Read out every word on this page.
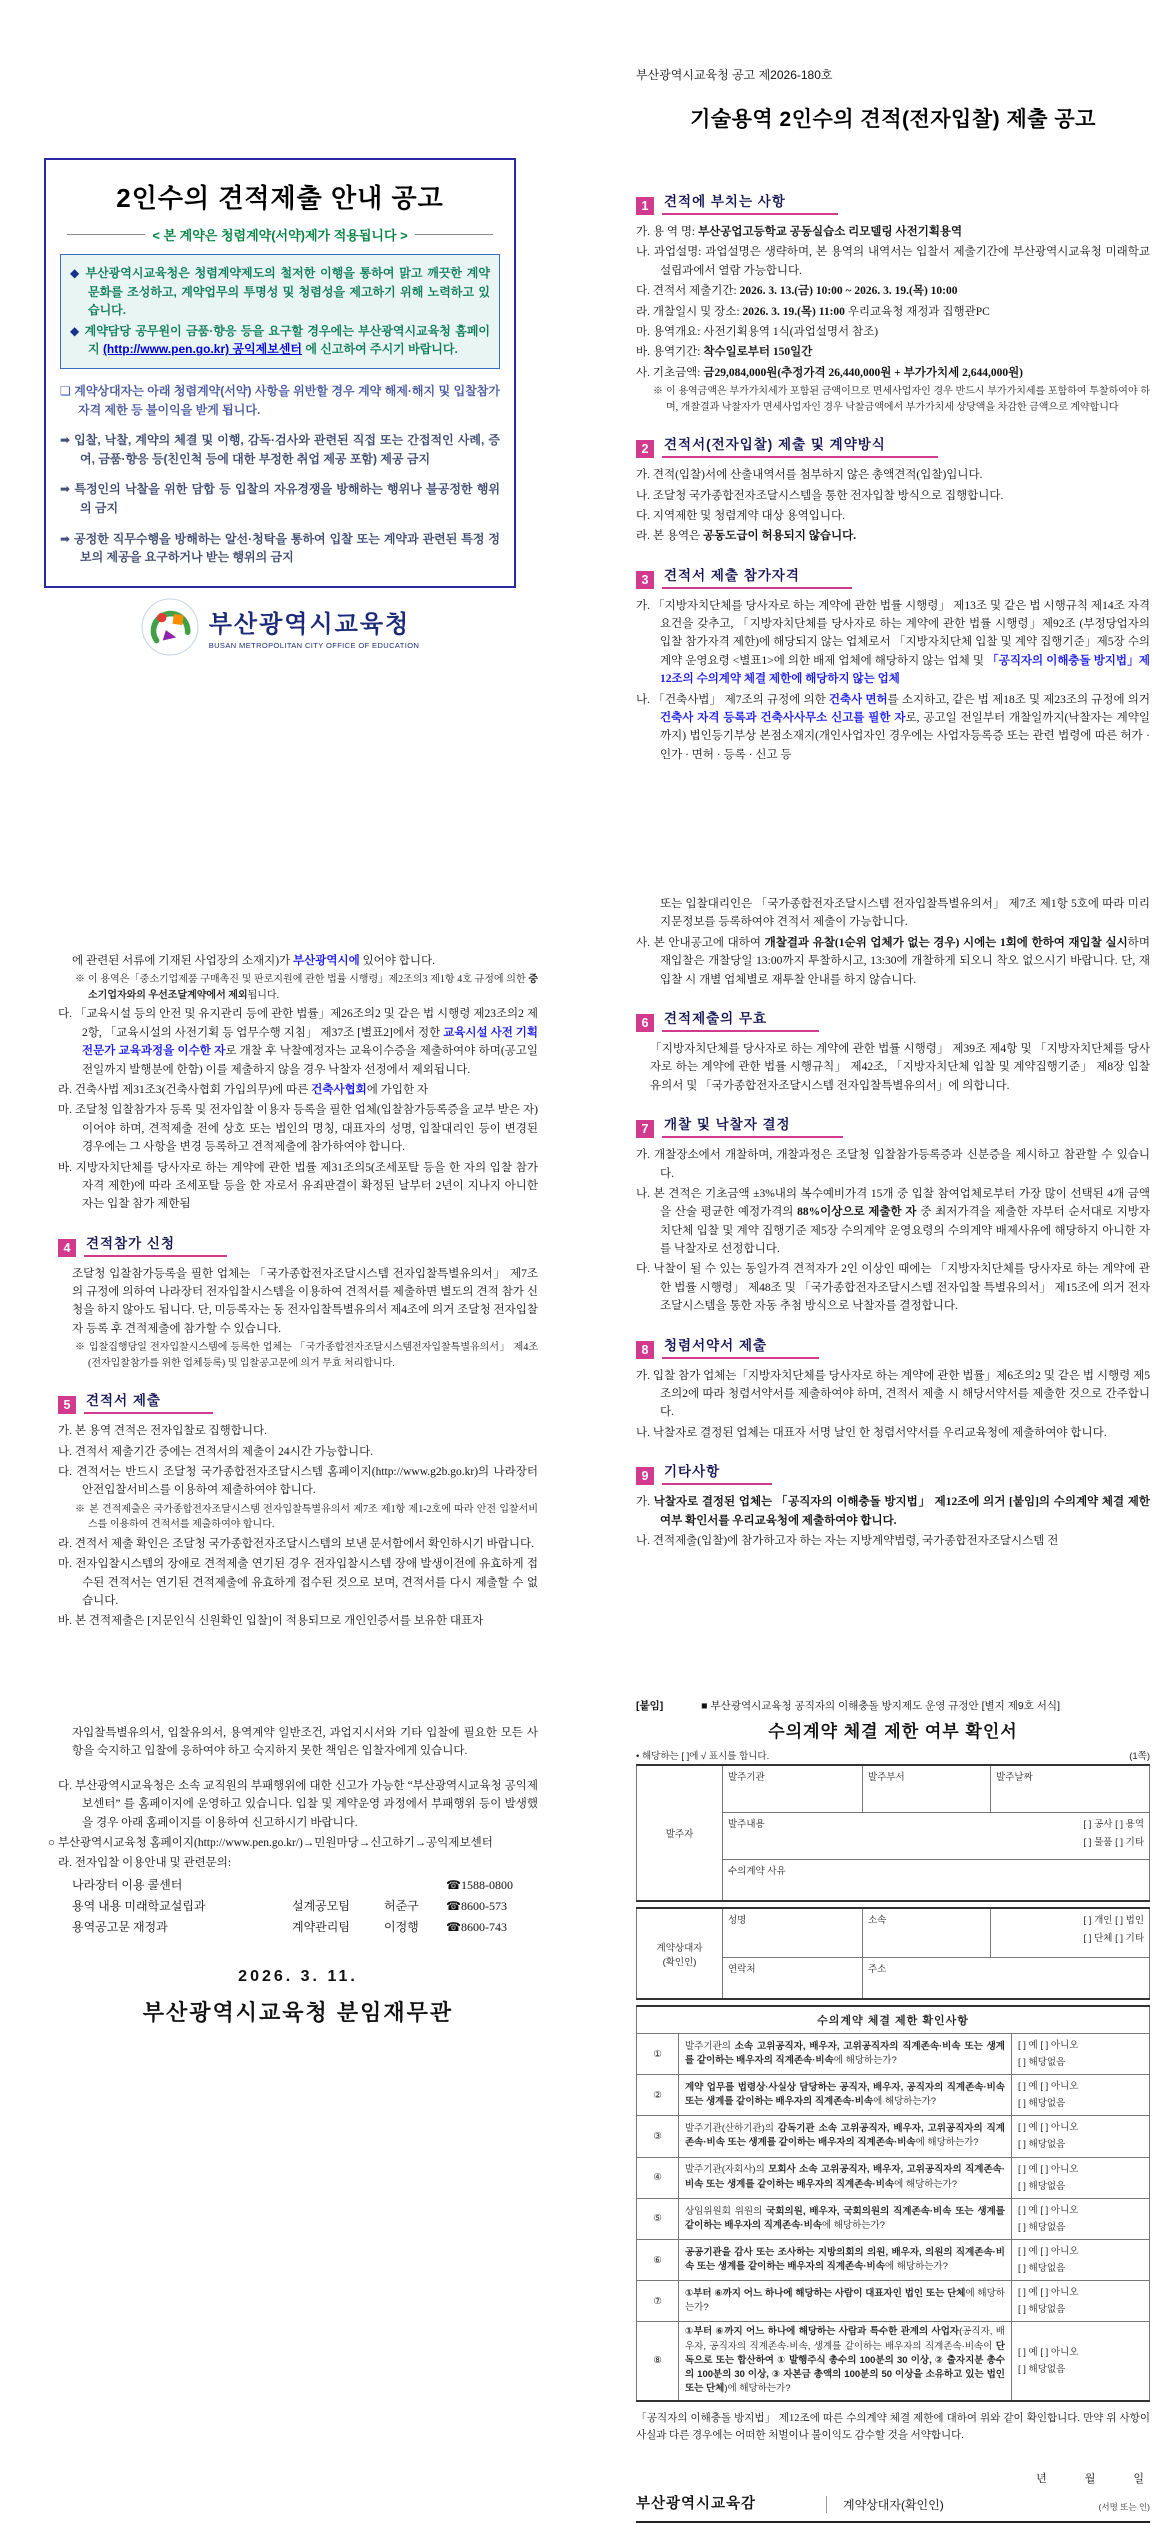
2인수의 견적제출 안내 공고
< 본 계약은 청렴계약(서약)제가 적용됩니다 >

◆ 부산광역시교육청은 청렴계약제도의 철저한 이행을 통하여 맑고 깨끗한 계약 문화를 조성하고, 계약업무의 투명성 및 청렴성을 제고하기 위해 노력하고 있습니다.

◆ 계약담당 공무원이 금품·향응 등을 요구할 경우에는 부산광역시교육청 홈페이지 (http://www.pen.go.kr) 공익제보센터 에 신고하여 주시기 바랍니다.

❏ 계약상대자는 아래 청렴계약(서약) 사항을 위반할 경우 계약 해제·해지 및 입찰참가자격 제한 등 불이익을 받게 됩니다.

➡ 입찰, 낙찰, 계약의 체결 및 이행, 감독·검사와 관련된 직접 또는 간접적인 사례, 증여, 금품·향응 등(친인척 등에 대한 부정한 취업 제공 포함) 제공 금지

➡ 특정인의 낙찰을 위한 담합 등 입찰의 자유경쟁을 방해하는 행위나 불공정한 행위의 금지

➡ 공정한 직무수행을 방해하는 알선·청탁을 통하여 입찰 또는 계약과 관련된 특정 정보의 제공을 요구하거나 받는 행위의 금지

부산광역시교육청
BUSAN METROPOLITAN CITY OFFICE OF EDUCATION

에 관련된 서류에 기재된 사업장의 소재지)가 부산광역시에 있어야 합니다.

※ 이 용역은「중소기업제품 구매촉진 및 판로지원에 관한 법률 시행령」제2조의3 제1항 4호 규정에 의한 중소기업자와의 우선조달계약에서 제외됩니다.

다. 「교육시설 등의 안전 및 유지관리 등에 관한 법률」제26조의2 및 같은 법 시행령 제23조의2 제2항, 「교육시설의 사전기획 등 업무수행 지침」 제37조 [별표2]에서 정한 교육시설 사전 기획 전문가 교육과정을 이수한 자로 개찰 후 낙찰예정자는 교육이수증을 제출하여야 하며(공고일 전일까지 발행분에 한함) 이를 제출하지 않을 경우 낙찰자 선정에서 제외됩니다.

라. 건축사법 제31조3(건축사협회 가입의무)에 따른 건축사협회에 가입한 자

마. 조달청 입찰참가자 등록 및 전자입찰 이용자 등록을 필한 업체(입찰참가등록증을 교부 받은 자)이어야 하며, 견적제출 전에 상호 또는 법인의 명칭, 대표자의 성명, 입찰대리인 등이 변경된 경우에는 그 사항을 변경 등록하고 견적제출에 참가하여야 합니다.

바. 지방자치단체를 당사자로 하는 계약에 관한 법률 제31조의5(조세포탈 등을 한 자의 입찰 참가자격 제한)에 따라 조세포탈 등을 한 자로서 유죄판결이 확정된 날부터 2년이 지나지 아니한 자는 입찰 참가 제한됨

4	견적참가 신청

조달청 입찰참가등록을 필한 업체는 「국가종합전자조달시스템 전자입찰특별유의서」 제7조의 규정에 의하여 나라장터 전자입찰시스템을 이용하여 견적서를 제출하면 별도의 견적 참가 신청을 하지 않아도 됩니다. 단, 미등록자는 동 전자입찰특별유의서 제4조에 의거 조달청 전자입찰자 등록 후 견적제출에 참가할 수 있습니다.

※ 입찰집행당일 전자입찰시스템에 등록한 업체는 「국가종합전자조달시스템전자입찰특별유의서」 제4조 (전자입찰참가를 위한 업체등록) 및 입찰공고문에 의거 무효 처리합니다.

5	견적서 제출

가. 본 용역 견적은 전자입찰로 집행합니다.

나. 견적서 제출기간 중에는 견적서의 제출이 24시간 가능합니다.

다. 견적서는 반드시 조달청 국가종합전자조달시스템 홈페이지(http://www.g2b.go.kr)의 나라장터 안전입찰서비스를 이용하여 제출하여야 합니다.

※ 본 견적제출은 국가종합전자조달시스템 전자입찰특별유의서 제7조 제1항 제1-2호에 따라 안전 입찰서비스를 이용하여 견적서를 제출하여야 합니다.

라. 견적서 제출 확인은 조달청 국가종합전자조달시스템의 보낸 문서함에서 확인하시기 바랍니다.

마. 전자입찰시스템의 장애로 견적제출 연기된 경우 전자입찰시스템 장애 발생이전에 유효하게 접수된 견적서는 연기된 견적제출에 유효하게 접수된 것으로 보며, 견적서를 다시 제출할 수 없습니다.

바. 본 견적제출은 [지문인식 신원확인 입찰]이 적용되므로 개인인증서를 보유한 대표자

자입찰특별유의서, 입찰유의서, 용역계약 일반조건, 과업지시서와 기타 입찰에 필요한 모든 사항을 숙지하고 입찰에 응하여야 하고 숙지하지 못한 책임은 입찰자에게 있습니다.

다. 부산광역시교육청은 소속 교직원의 부패행위에 대한 신고가 가능한 “부산광역시교육청 공익제보센터” 를 홈페이지에 운영하고 있습니다. 입찰 및 계약운영 과정에서 부패행위 등이 발생했을 경우 아래 홈페이지를 이용하여 신고하시기 바랍니다.

○ 부산광역시교육청 홈페이지(http://www.pen.go.kr/)→민원마당→신고하기→공익제보센터

라. 전자입찰 이용안내 및 관련문의:

나라장터 이용 콜센터	☎1588-0800
용역 내용 미래학교설립과	설계공모팀	허준구	☎8600-573
용역공고문 재정과	계약관리팀	이정행	☎8600-743
2026. 3. 11.
부산광역시교육청 분임재무관
부산광역시교육청 공고 제2026-180호
기술용역 2인수의 견적(전자입찰) 제출 공고
1	견적에 부치는 사항

가. 용 역 명: 부산공업고등학교 공동실습소 리모델링 사전기획용역

나. 과업설명: 과업설명은 생략하며, 본 용역의 내역서는 입찰서 제출기간에 부산광역시교육청 미래학교설립과에서 열람 가능합니다.

다. 견적서 제출기간: 2026. 3. 13.(금) 10:00 ~ 2026. 3. 19.(목) 10:00

라. 개찰일시 및 장소: 2026. 3. 19.(목) 11:00 우리교육청 재정과 집행관PC

마. 용역개요: 사전기획용역 1식(과업설명서 참조)

바. 용역기간: 착수일로부터 150일간

사. 기초금액: 금29,084,000원(추정가격 26,440,000원 + 부가가치세 2,644,000원)

※ 이 용역금액은 부가가치세가 포함된 금액이므로 면세사업자인 경우 반드시 부가가치세를 포함하여 투찰하여야 하며, 개찰결과 낙찰자가 면세사업자인 경우 낙찰금액에서 부가가치세 상당액을 차감한 금액으로 계약합니다

2	견적서(전자입찰) 제출 및 계약방식

가. 견적(입찰)서에 산출내역서를 첨부하지 않은 총액견적(입찰)입니다.

나. 조달청 국가종합전자조달시스템을 통한 전자입찰 방식으로 집행합니다.

다. 지역제한 및 청렴계약 대상 용역입니다.

라. 본 용역은 공동도급이 허용되지 않습니다.

3	견적서 제출 참가자격

가. 「지방자치단체를 당사자로 하는 계약에 관한 법률 시행령」 제13조 및 같은 법 시행규칙 제14조 자격요건을 갖추고, 「지방자치단체를 당사자로 하는 계약에 관한 법률 시행령」제92조 (부정당업자의 입찰 참가자격 제한)에 해당되지 않는 업체로서 「지방자치단체 입찰 및 계약 집행기준」제5장 수의계약 운영요령 <별표1>에 의한 배제 업체에 해당하지 않는 업체 및 「공직자의 이해충돌 방지법」제12조의 수의계약 체결 제한에 해당하지 않는 업체

나. 「건축사법」 제7조의 규정에 의한 건축사 면허를 소지하고, 같은 법 제18조 및 제23조의 규정에 의거 건축사 자격 등록과 건축사사무소 신고를 필한 자로, 공고일 전일부터 개찰일까지(낙찰자는 계약일까지) 법인등기부상 본점소재지(개인사업자인 경우에는 사업자등록증 또는 관련 법령에 따른 허가 · 인가 · 면허 · 등록 · 신고 등

또는 입찰대리인은 「국가종합전자조달시스템 전자입찰특별유의서」 제7조 제1항 5호에 따라 미리 지문정보를 등록하여야 견적서 제출이 가능합니다.

사. 본 안내공고에 대하여 개찰결과 유찰(1순위 업체가 없는 경우) 시에는 1회에 한하여 재입찰 실시하며 재입찰은 개찰당일 13:00까지 투찰하시고, 13:30에 개찰하게 되오니 착오 없으시기 바랍니다. 단, 재입찰 시 개별 업체별로 재투찰 안내를 하지 않습니다.

6	견적제출의 무효

「지방자치단체를 당사자로 하는 계약에 관한 법률 시행령」 제39조 제4항 및 「지방자치단체를 당사자로 하는 계약에 관한 법률 시행규칙」 제42조, 「지방자치단체 입찰 및 계약집행기준」 제8장 입찰 유의서 및 「국가종합전자조달시스템 전자입찰특별유의서」에 의합니다.

7	개찰 및 낙찰자 결정

가. 개찰장소에서 개찰하며, 개찰과정은 조달청 입찰참가등록증과 신분증을 제시하고 참관할 수 있습니다.

나. 본 견적은 기초금액 ±3%내의 복수예비가격 15개 중 입찰 참여업체로부터 가장 많이 선택된 4개 금액을 산술 평균한 예정가격의 88%이상으로 제출한 자 중 최저가격을 제출한 자부터 순서대로 지방자치단체 입찰 및 계약 집행기준 제5장 수의계약 운영요령의 수의계약 배제사유에 해당하지 아니한 자를 낙찰자로 선정합니다.

다. 낙찰이 될 수 있는 동일가격 견적자가 2인 이상인 때에는 「지방자치단체를 당사자로 하는 계약에 관한 법률 시행령」 제48조 및 「국가종합전자조달시스템 전자입찰 특별유의서」 제15조에 의거 전자조달시스템을 통한 자동 추첨 방식으로 낙찰자를 결정합니다.

8	청렴서약서 제출

가. 입찰 참가 업체는「지방자치단체를 당사자로 하는 계약에 관한 법률」제6조의2 및 같은 법 시행령 제5조의2에 따라 청렴서약서를 제출하여야 하며, 견적서 제출 시 해당서약서를 제출한 것으로 간주합니다.

나. 낙찰자로 결정된 업체는 대표자 서명 날인 한 청렴서약서를 우리교육청에 제출하여야 합니다.

9	기타사항

가. 낙찰자로 결정된 업체는 「공직자의 이해충돌 방지법」 제12조에 의거 [붙임]의 수의계약 체결 제한 여부 확인서를 우리교육청에 제출하여야 합니다.

나. 견적제출(입찰)에 참가하고자 하는 자는 지방계약법령, 국가종합전자조달시스템 전

[붙임]	■ 부산광역시교육청 공직자의 이해충돌 방지제도 운영 규정안 [별지 제9호 서식]
수의계약 체결 제한 여부 확인서
• 해당하는 [ ]에 √ 표시를 합니다.	(1쪽)
발주자	발주기관	발주부서	발주날짜
	발주내용		[ ] 공사 [ ] 용역
[ ] 물품 [ ] 기타

	수의계약 사유		
계약상대자
(확인인)
	성명	소속	[ ] 개인 [ ] 법인
[ ] 단체 [ ] 기타

	연락처	주소	
수의계약 체결 제한 확인사항		
①	발주기관의 소속 고위공직자, 배우자, 고위공직자의 직계존속·비속 또는 생계를 같이하는 배우자의 직계존속·비속에 해당하는가?	[ ] 예 [ ] 아니오
[ ] 해당없음

②	계약 업무를 법령상·사실상 담당하는 공직자, 배우자, 공직자의 직계존속·비속 또는 생계를 같이하는 배우자의 직계존속·비속에 해당하는가?	[ ] 예 [ ] 아니오
[ ] 해당없음

③	발주기관(산하기관)의 감독기관 소속 고위공직자, 배우자, 고위공직자의 직계존속·비속 또는 생계를 같이하는 배우자의 직계존속·비속에 해당하는가?	[ ] 예 [ ] 아니오
[ ] 해당없음

④	발주기관(자회사)의 모회사 소속 고위공직자, 배우자, 고위공직자의 직계존속·비속 또는 생계를 같이하는 배우자의 직계존속·비속에 해당하는가?	[ ] 예 [ ] 아니오
[ ] 해당없음

⑤	상임위원회 위원의 국회의원, 배우자, 국회의원의 직계존속·비속 또는 생계를 같이하는 배우자의 직계존속·비속에 해당하는가?	[ ] 예 [ ] 아니오
[ ] 해당없음

⑥	공공기관을 감사 또는 조사하는 지방의회의 의원, 배우자, 의원의 직계존속·비속 또는 생계를 같이하는 배우자의 직계존속·비속에 해당하는가?	[ ] 예 [ ] 아니오
[ ] 해당없음

⑦	①부터 ⑥까지 어느 하나에 해당하는 사람이 대표자인 법인 또는 단체에 해당하는가?	[ ] 예 [ ] 아니오
[ ] 해당없음

⑧	①부터 ⑥까지 어느 하나에 해당하는 사람과 특수한 관계의 사업자(공직자, 배우자, 공직자의 직계존속·비속, 생계를 같이하는 배우자의 직계존속·비속이 단독으로 또는 합산하여 ① 발행주식 총수의 100분의 30 이상, ② 출자지분 총수의 100분의 30 이상, ③ 자본금 총액의 100분의 50 이상을 소유하고 있는 법인 또는 단체)에 해당하는가?	[ ] 예 [ ] 아니오
[ ] 해당없음

「공직자의 이해충돌 방지법」 제12조에 따른 수의계약 체결 제한에 대하여 위와 같이 확인합니다. 만약 위 사항이 사실과 다른 경우에는 어떠한 처벌이나 불이익도 감수할 것을 서약합니다.

년	월	일
부산광역시교육감	계약상대자(확인인)	(서명 또는 인)
